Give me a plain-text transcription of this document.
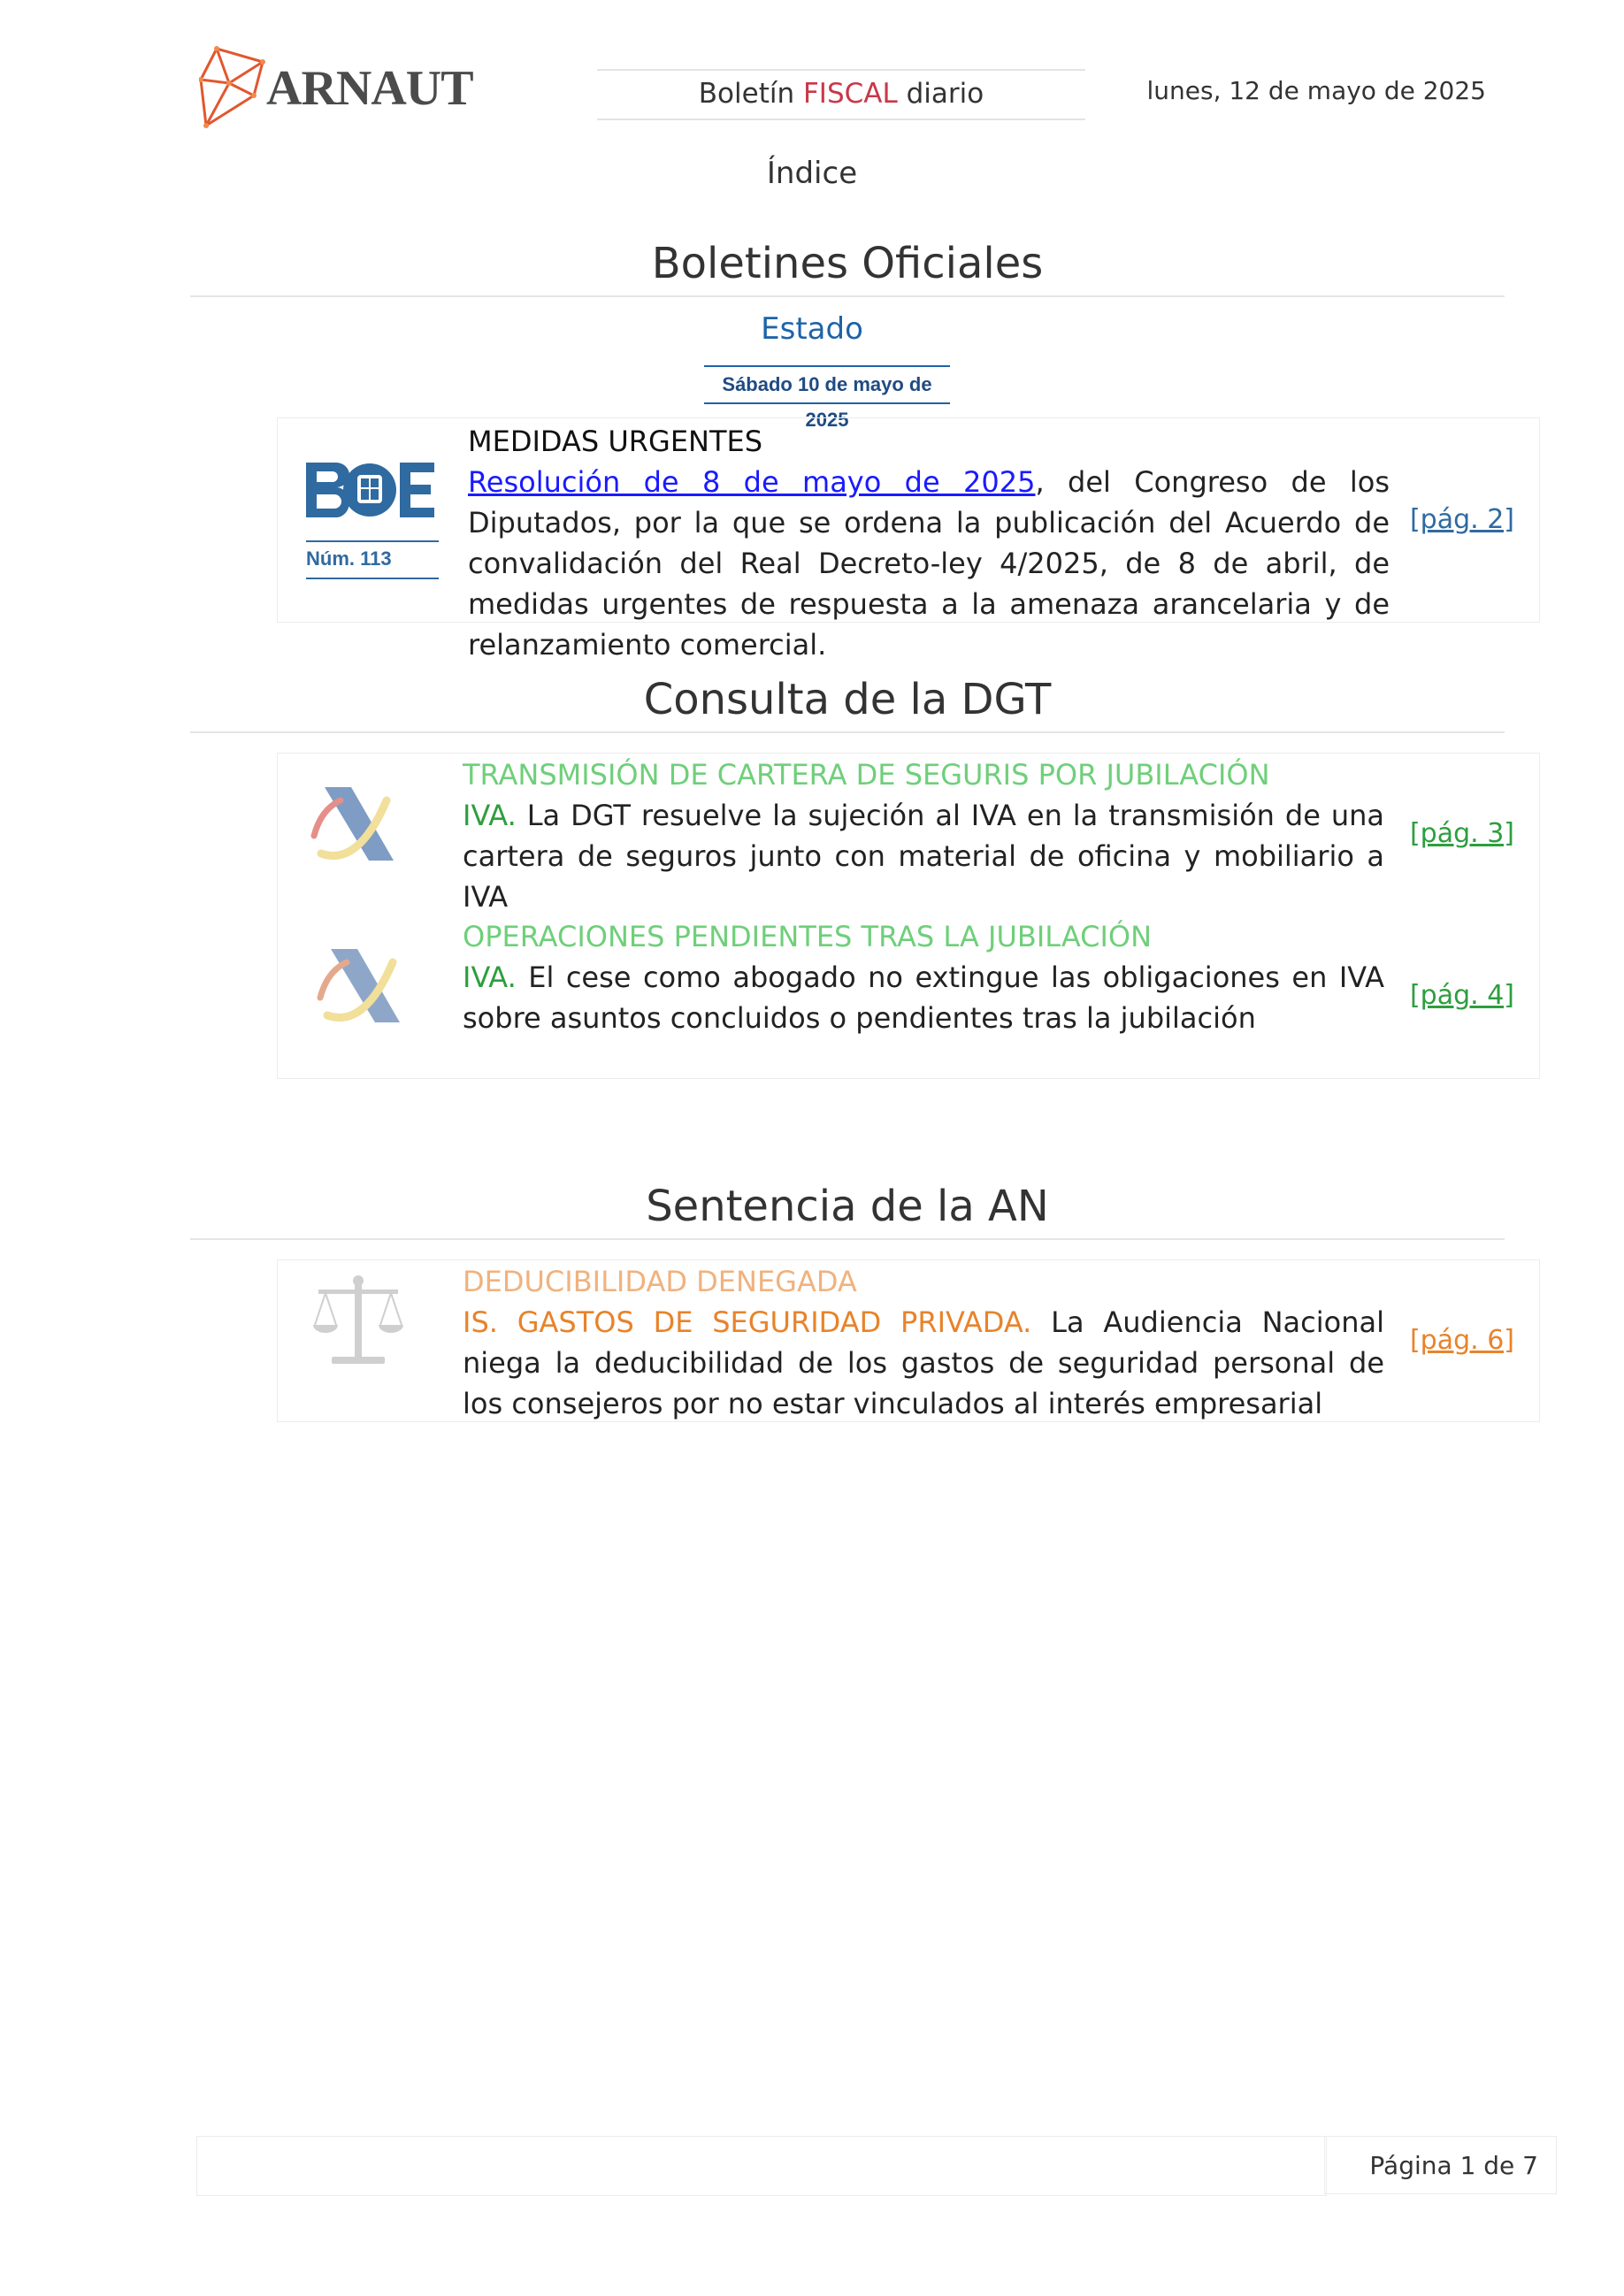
ARNAUT	Boletín FISCAL diario	lunes, 12 de mayo de 2025
Índice
Boletines Oficiales
Estado
Sábado 10 de mayo de 2025
Núm. 113
MEDIDAS URGENTES
Resolución de 8 de mayo de 2025, del Congreso de los Diputados, por la que se ordena la publicación del Acuerdo de convalidación del Real Decreto-ley 4/2025, de 8 de abril, de medidas urgentes de respuesta a la amenaza arancelaria y de relanzamiento comercial.
[pág. 2]
Consulta de la DGT
TRANSMISIÓN DE CARTERA DE SEGURIS POR JUBILACIÓN
IVA. La DGT resuelve la sujeción al IVA en la transmisión de una cartera de seguros junto con material de oficina y mobiliario a IVA
[pág. 3]
OPERACIONES PENDIENTES TRAS LA JUBILACIÓN
IVA. El cese como abogado no extingue las obligaciones en IVA sobre asuntos concluidos o pendientes tras la jubilación
[pág. 4]
Sentencia de la AN
DEDUCIBILIDAD DENEGADA
IS. GASTOS DE SEGURIDAD PRIVADA. La Audiencia Nacional niega la deducibilidad de los gastos de seguridad personal de los consejeros por no estar vinculados al interés empresarial
[pág. 6]
Página 1 de 7
